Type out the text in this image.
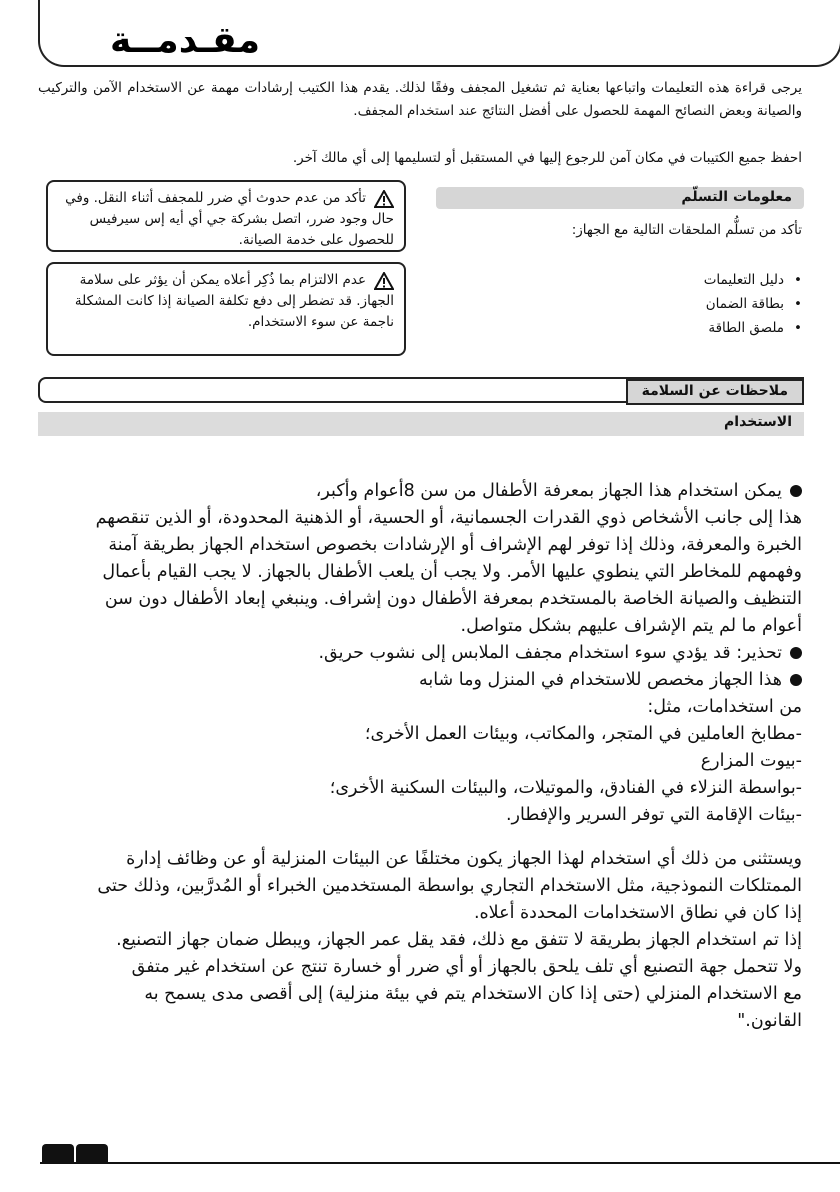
مقـدمــة

يرجى قراءة هذه التعليمات واتباعها بعناية ثم تشغيل المجفف وفقًا لذلك. يقدم هذا الكتيب إرشادات مهمة عن الاستخدام الآمن والتركيب والصيانة وبعض النصائح المهمة للحصول على أفضل النتائج عند استخدام المجفف.

احفظ جميع الكتيبات في مكان آمن للرجوع إليها في المستقبل أو لتسليمها إلى أي مالك آخر.

تأكد من عدم حدوث أي ضرر للمجفف أثناء النقل. وفي حال وجود ضرر، اتصل بشركة جي أي أيه إس سيرفيس للحصول على خدمة الصيانة.
عدم الالتزام بما ذُكِر أعلاه يمكن أن يؤثر على سلامة الجهاز. قد تضطر إلى دفع تكلفة الصيانة إذا كانت المشكلة ناجمة عن سوء الاستخدام.
معلومات التسلّم

تأكد من تسلُّم الملحقات التالية مع الجهاز:

• دليل التعليمات
• بطاقة الضمان
• ملصق الطاقة
ملاحظات عن السلامة
الاستخدام
يمكن استخدام هذا الجهاز بمعرفة الأطفال من سن 8أعوام وأكبر،
هذا إلى جانب الأشخاص ذوي القدرات الجسمانية، أو الحسية، أو الذهنية المحدودة، أو الذين تنقصهم
الخبرة والمعرفة، وذلك إذا توفر لهم الإشراف أو الإرشادات بخصوص استخدام الجهاز بطريقة آمنة
وفهمهم للمخاطر التي ينطوي عليها الأمر. ولا يجب أن يلعب الأطفال بالجهاز. لا يجب القيام بأعمال
التنظيف والصيانة الخاصة بالمستخدم بمعرفة الأطفال دون إشراف. وينبغي إبعاد الأطفال دون سن
أعوام ما لم يتم الإشراف عليهم بشكل متواصل.
تحذير: قد يؤدي سوء استخدام مجفف الملابس إلى نشوب حريق.
هذا الجهاز مخصص للاستخدام في المنزل وما شابه
من استخدامات، مثل:
-مطابخ العاملين في المتجر، والمكاتب، وبيئات العمل الأخرى؛
-بيوت المزارع
-بواسطة النزلاء في الفنادق، والموتيلات، والبيئات السكنية الأخرى؛
-بيئات الإقامة التي توفر السرير والإفطار.
ويستثنى من ذلك أي استخدام لهذا الجهاز يكون مختلفًا عن البيئات المنزلية أو عن وظائف إدارة
الممتلكات النموذجية، مثل الاستخدام التجاري بواسطة المستخدمين الخبراء أو المُدرَّبين، وذلك حتى
إذا كان في نطاق الاستخدامات المحددة أعلاه.
إذا تم استخدام الجهاز بطريقة لا تتفق مع ذلك، فقد يقل عمر الجهاز، ويبطل ضمان جهاز التصنيع.
ولا تتحمل جهة التصنيع أي تلف يلحق بالجهاز أو أي ضرر أو خسارة تنتج عن استخدام غير متفق
مع الاستخدام المنزلي (حتى إذا كان الاستخدام يتم في بيئة منزلية) إلى أقصى مدى يسمح به
القانون."
